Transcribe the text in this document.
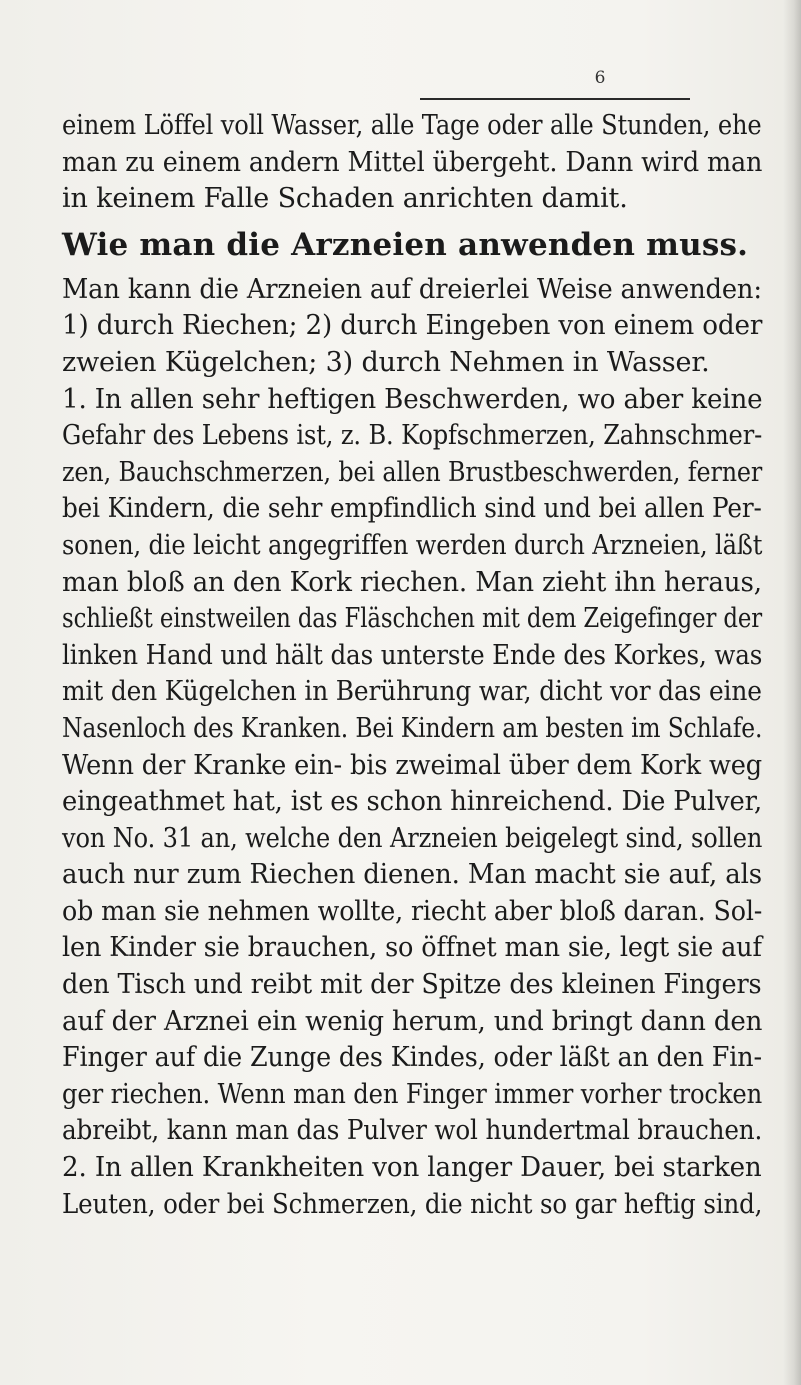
6
einem Löffel voll Wasser, alle Tage oder alle Stunden, ehe
man zu einem andern Mittel übergeht. Dann wird man
in keinem Falle Schaden anrichten damit.
Wie man die Arzneien anwenden muss.
Man kann die Arzneien auf dreierlei Weise anwenden:
1) durch Riechen; 2) durch Eingeben von einem oder
zweien Kügelchen; 3) durch Nehmen in Wasser.
1. In allen sehr heftigen Beschwerden, wo aber keine
Gefahr des Lebens ist, z. B. Kopfschmerzen, Zahnschmer-
zen, Bauchschmerzen, bei allen Brustbeschwerden, ferner
bei Kindern, die sehr empfindlich sind und bei allen Per-
sonen, die leicht angegriffen werden durch Arzneien, läßt
man bloß an den Kork riechen. Man zieht ihn heraus,
schließt einstweilen das Fläschchen mit dem Zeigefinger der
linken Hand und hält das unterste Ende des Korkes, was
mit den Kügelchen in Berührung war, dicht vor das eine
Nasenloch des Kranken. Bei Kindern am besten im Schlafe.
Wenn der Kranke ein- bis zweimal über dem Kork weg
eingeathmet hat, ist es schon hinreichend. Die Pulver,
von No. 31 an, welche den Arzneien beigelegt sind, sollen
auch nur zum Riechen dienen. Man macht sie auf, als
ob man sie nehmen wollte, riecht aber bloß daran. Sol-
len Kinder sie brauchen, so öffnet man sie, legt sie auf
den Tisch und reibt mit der Spitze des kleinen Fingers
auf der Arznei ein wenig herum, und bringt dann den
Finger auf die Zunge des Kindes, oder läßt an den Fin-
ger riechen. Wenn man den Finger immer vorher trocken
abreibt, kann man das Pulver wol hundertmal brauchen.
2. In allen Krankheiten von langer Dauer, bei starken
Leuten, oder bei Schmerzen, die nicht so gar heftig sind,
